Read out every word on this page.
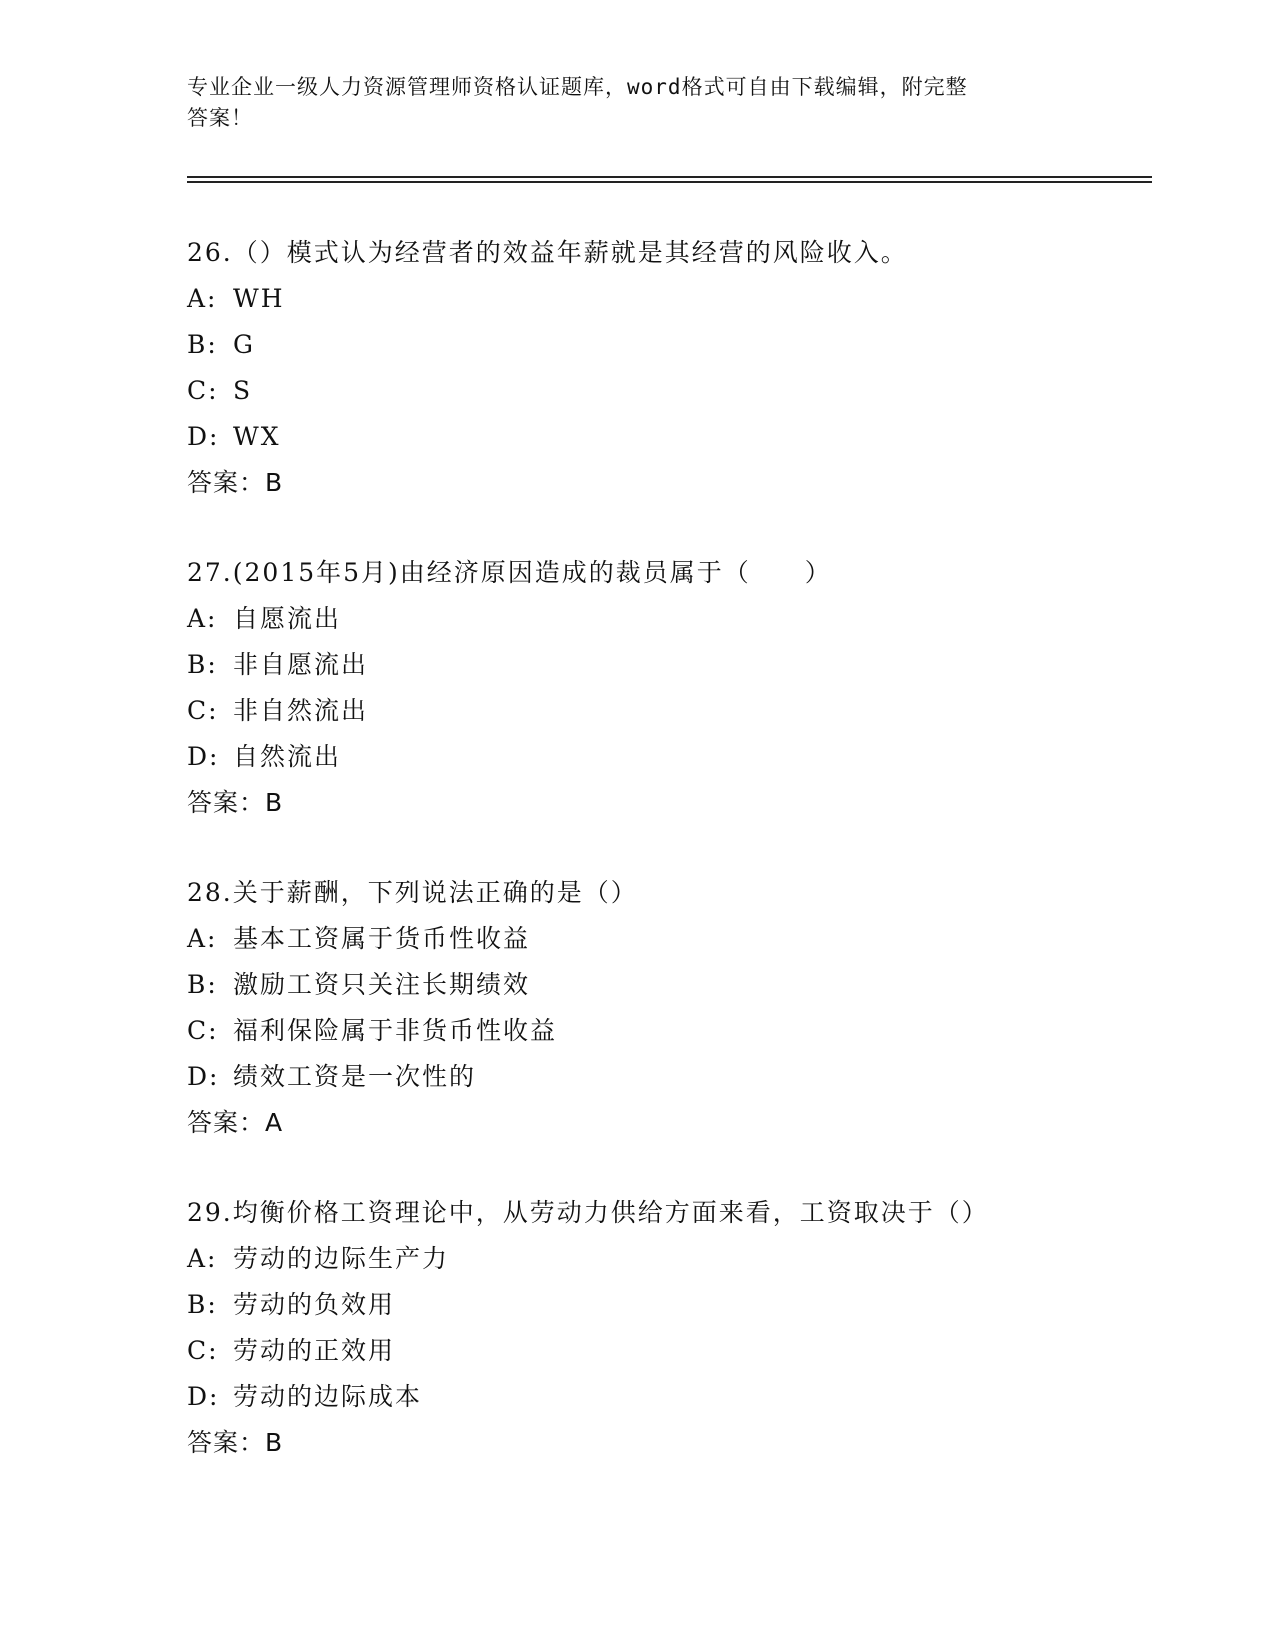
专业企业一级人力资源管理师资格认证题库，word格式可自由下载编辑，附完整
答案！
26.（）模式认为经营者的效益年薪就是其经营的风险收入。
A: WH
B: G
C: S
D: WX
答案：B
27.(2015年5月)由经济原因造成的裁员属于（　　）
A: 自愿流出
B: 非自愿流出
C: 非自然流出
D: 自然流出
答案：B
28.关于薪酬，下列说法正确的是（）
A: 基本工资属于货币性收益
B: 激励工资只关注长期绩效
C: 福利保险属于非货币性收益
D: 绩效工资是一次性的
答案：A
29.均衡价格工资理论中，从劳动力供给方面来看，工资取决于（）
A: 劳动的边际生产力
B: 劳动的负效用
C: 劳动的正效用
D: 劳动的边际成本
答案：B
